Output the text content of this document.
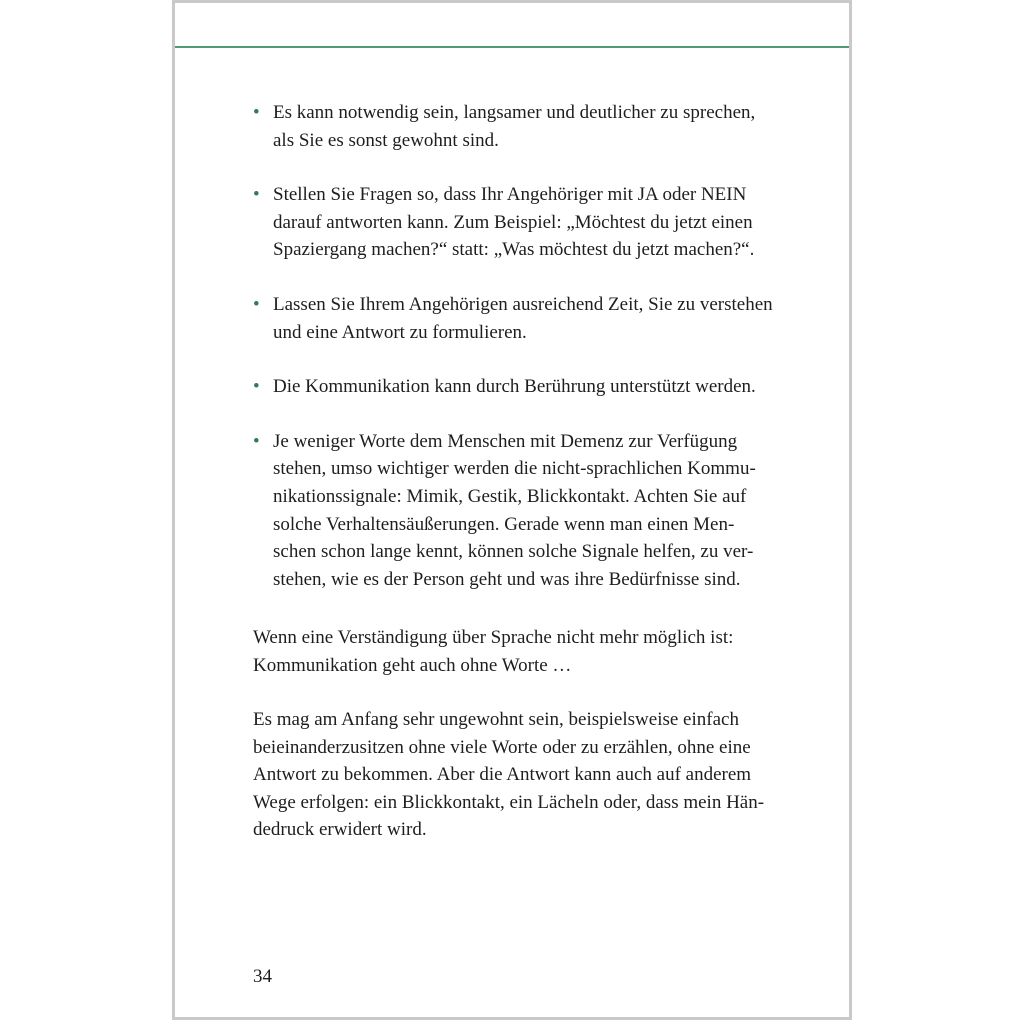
• Es kann notwendig sein, langsamer und deutlicher zu sprechen,
als Sie es sonst gewohnt sind.
• Stellen Sie Fragen so, dass Ihr Angehöriger mit JA oder NEIN
darauf antworten kann. Zum Beispiel: „Möchtest du jetzt einen
Spaziergang machen?“ statt: „Was möchtest du jetzt machen?“.
• Lassen Sie Ihrem Angehörigen ausreichend Zeit, Sie zu verstehen
und eine Antwort zu formulieren.
• Die Kommunikation kann durch Berührung unterstützt werden.
• Je weniger Worte dem Menschen mit Demenz zur Verfügung
stehen, umso wichtiger werden die nicht-sprachlichen Kommu-
nikationssignale: Mimik, Gestik, Blickkontakt. Achten Sie auf
solche Verhaltensäußerungen. Gerade wenn man einen Men-
schen schon lange kennt, können solche Signale helfen, zu ver-
stehen, wie es der Person geht und was ihre Bedürfnisse sind.

Wenn eine Verständigung über Sprache nicht mehr möglich ist:
Kommunikation geht auch ohne Worte …

Es mag am Anfang sehr ungewohnt sein, beispielsweise einfach
beieinanderzusitzen ohne viele Worte oder zu erzählen, ohne eine
Antwort zu bekommen. Aber die Antwort kann auch auf anderem
Wege erfolgen: ein Blickkontakt, ein Lächeln oder, dass mein Hän-
dedruck erwidert wird.

34
